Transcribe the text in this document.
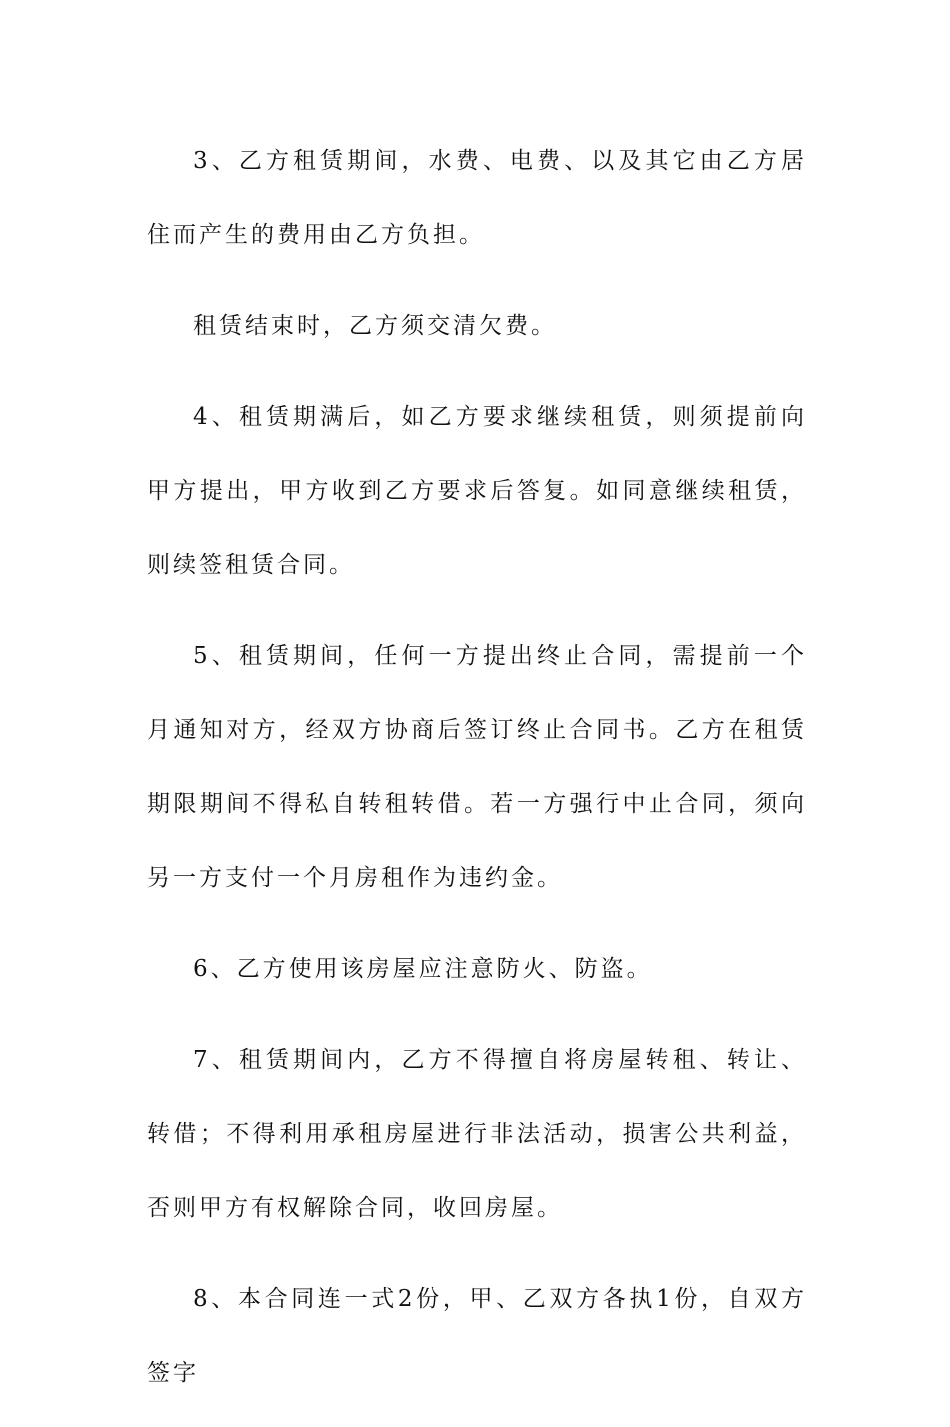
3、乙方租赁期间，水费、电费、以及其它由乙方居住而产生的费用由乙方负担。

租赁结束时，乙方须交清欠费。

4、租赁期满后，如乙方要求继续租赁，则须提前向甲方提出，甲方收到乙方要求后答复。如同意继续租赁，则续签租赁合同。

5、租赁期间，任何一方提出终止合同，需提前一个月通知对方，经双方协商后签订终止合同书。乙方在租赁期限期间不得私自转租转借。若一方强行中止合同，须向另一方支付一个月房租作为违约金。

6、乙方使用该房屋应注意防火、防盗。

7、租赁期间内，乙方不得擅自将房屋转租、转让、转借；不得利用承租房屋进行非法活动，损害公共利益，否则甲方有权解除合同，收回房屋。

8、本合同连一式2份，甲、乙双方各执1份，自双方签字
